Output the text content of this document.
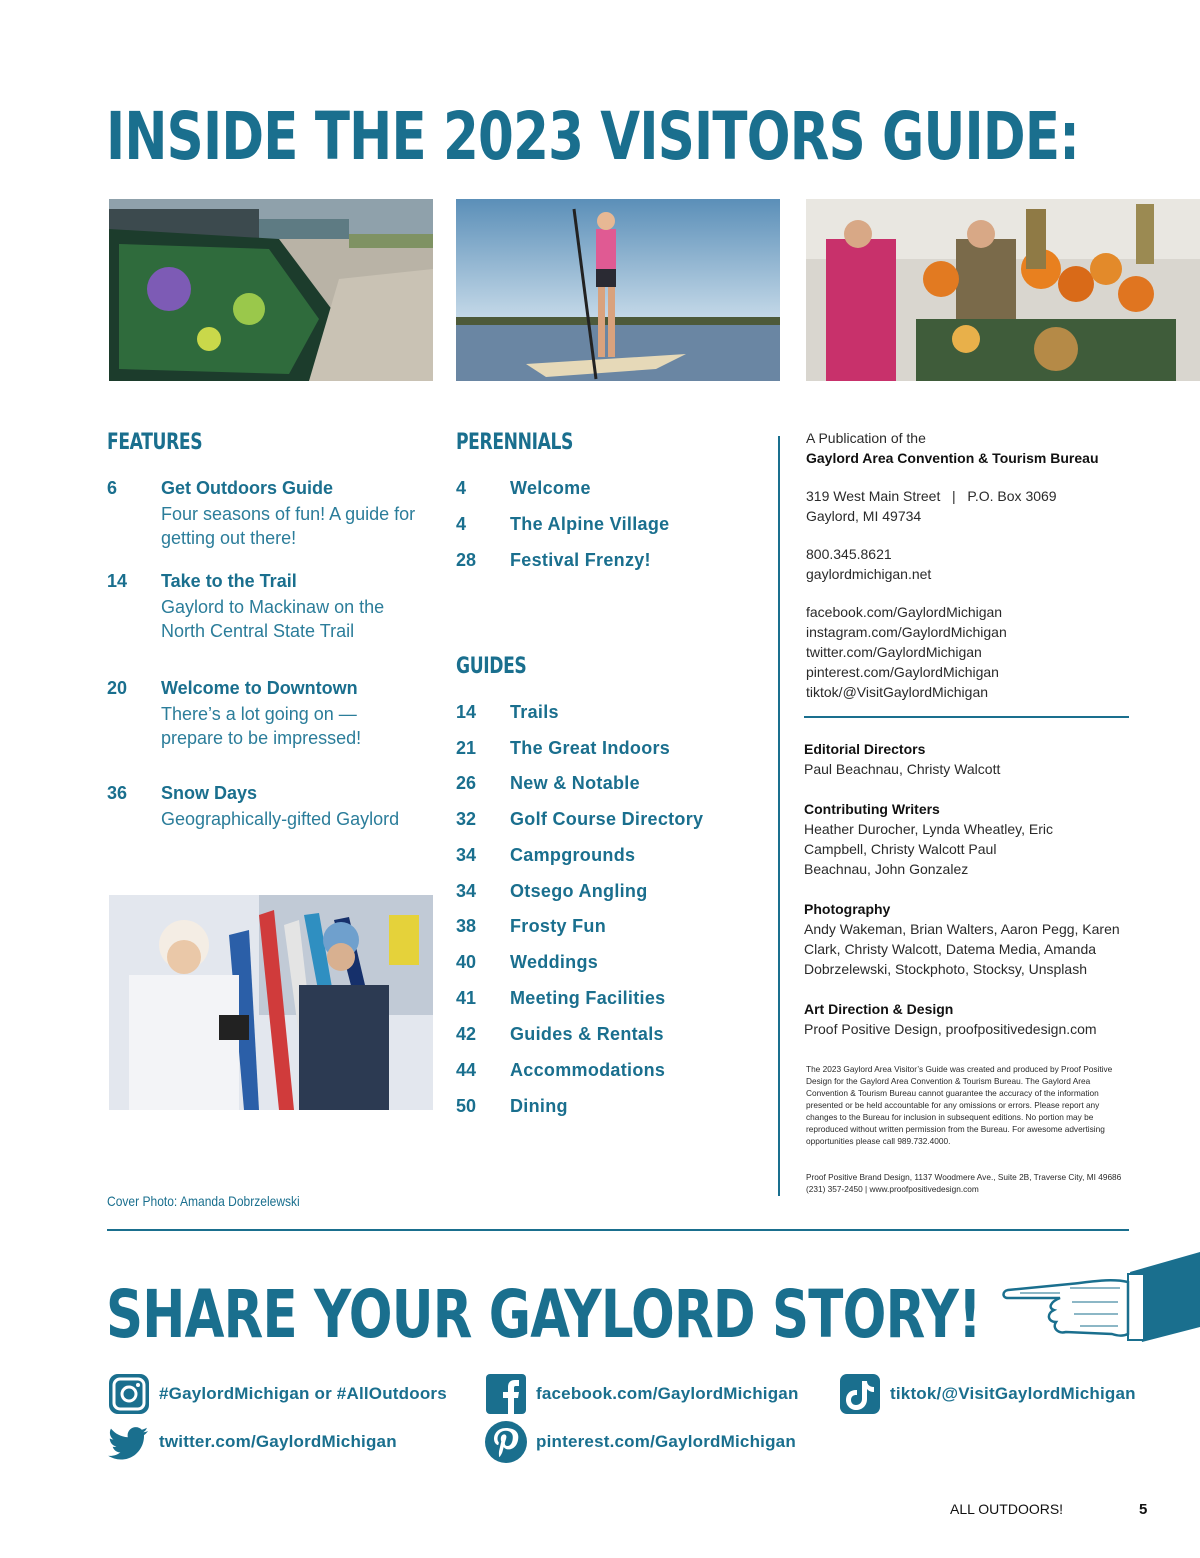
INSIDE THE 2023 VISITORS GUIDE:
FEATURES
6 Get Outdoors Guide
Four seasons of fun! A guide for getting out there!
14 Take to the Trail
Gaylord to Mackinaw on the North Central State Trail
20 Welcome to Downtown
There’s a lot going on — prepare to be impressed!
36 Snow Days
Geographically-gifted Gaylord
PERENNIALS
4 Welcome
4 The Alpine Village
28 Festival Frenzy!
GUIDES
14 Trails
21 The Great Indoors
26 New & Notable
32 Golf Course Directory
34 Campgrounds
34 Otsego Angling
38 Frosty Fun
40 Weddings
41 Meeting Facilities
42 Guides & Rentals
44 Accommodations
50 Dining
A Publication of the
Gaylord Area Convention & Tourism Bureau
319 West Main Street   |   P.O. Box 3069
Gaylord, MI 49734
800.345.8621
gaylordmichigan.net
facebook.com/GaylordMichigan
instagram.com/GaylordMichigan
twitter.com/GaylordMichigan
pinterest.com/GaylordMichigan
tiktok/@VisitGaylordMichigan
Editorial Directors
Paul Beachnau, Christy Walcott
Contributing Writers
Heather Durocher, Lynda Wheatley, Eric Campbell, Christy Walcott Paul Beachnau, John Gonzalez
Photography
Andy Wakeman, Brian Walters, Aaron Pegg, Karen Clark, Christy Walcott, Datema Media, Amanda Dobrzelewski, Stockphoto, Stocksy, Unsplash
Art Direction & Design
Proof Positive Design, proofpositivedesign.com
The 2023 Gaylord Area Visitor’s Guide was created and produced by Proof Positive Design for the Gaylord Area Convention & Tourism Bureau. The Gaylord Area Convention & Tourism Bureau cannot guarantee the accuracy of the information presented or be held accountable for any omissions or errors. Please report any changes to the Bureau for inclusion in subsequent editions. No portion may be reproduced without written permission from the Bureau. For awesome advertising opportunities please call 989.732.4000.
Proof Positive Brand Design, 1137 Woodmere Ave., Suite 2B, Traverse City, MI 49686 (231) 357-2450 | www.proofpositivedesign.com
Cover Photo: Amanda Dobrzelewski
SHARE YOUR GAYLORD STORY!
#GaylordMichigan or #AllOutdoors	facebook.com/GaylordMichigan	tiktok/@VisitGaylordMichigan
twitter.com/GaylordMichigan	pinterest.com/GaylordMichigan
ALL OUTDOORS!	5
